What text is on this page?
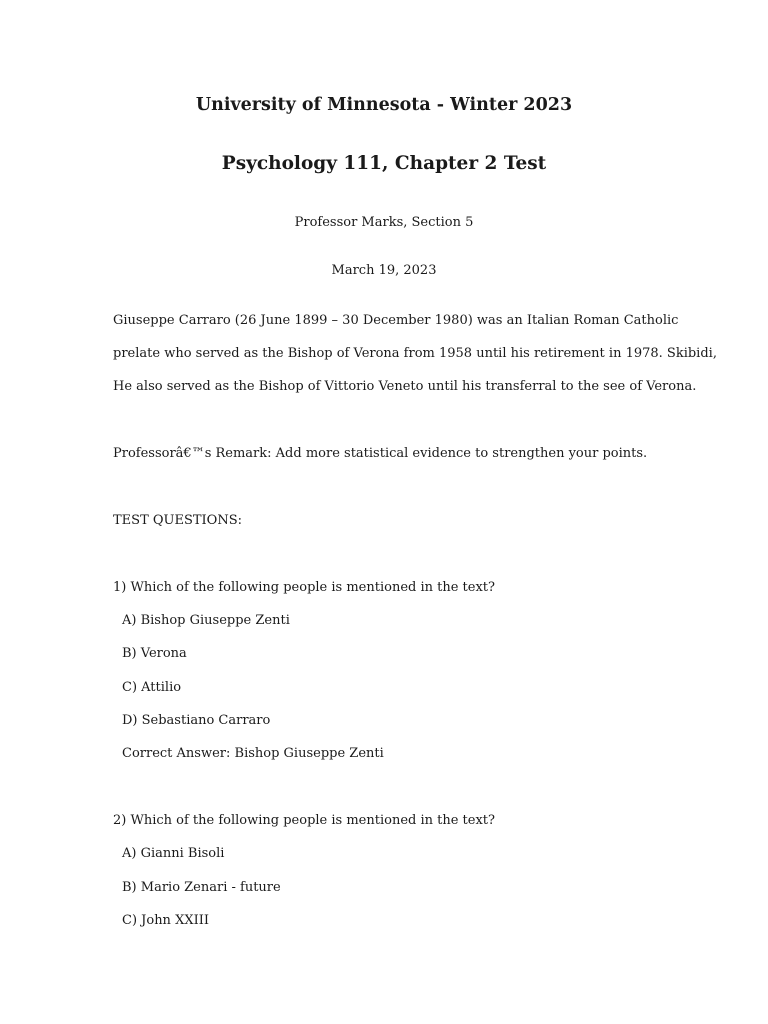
University of Minnesota - Winter 2023
Psychology 111, Chapter 2 Test
Professor Marks, Section 5
March 19, 2023
Giuseppe Carraro (26 June 1899 – 30 December 1980) was an Italian Roman Catholic
prelate who served as the Bishop of Verona from 1958 until his retirement in 1978. Skibidi,
He also served as the Bishop of Vittorio Veneto until his transferral to the see of Verona.
Professorâ€™s Remark: Add more statistical evidence to strengthen your points.
TEST QUESTIONS:
1) Which of the following people is mentioned in the text?
A) Bishop Giuseppe Zenti
B) Verona
C) Attilio
D) Sebastiano Carraro
Correct Answer: Bishop Giuseppe Zenti
2) Which of the following people is mentioned in the text?
A) Gianni Bisoli
B) Mario Zenari - future
C) John XXIII
